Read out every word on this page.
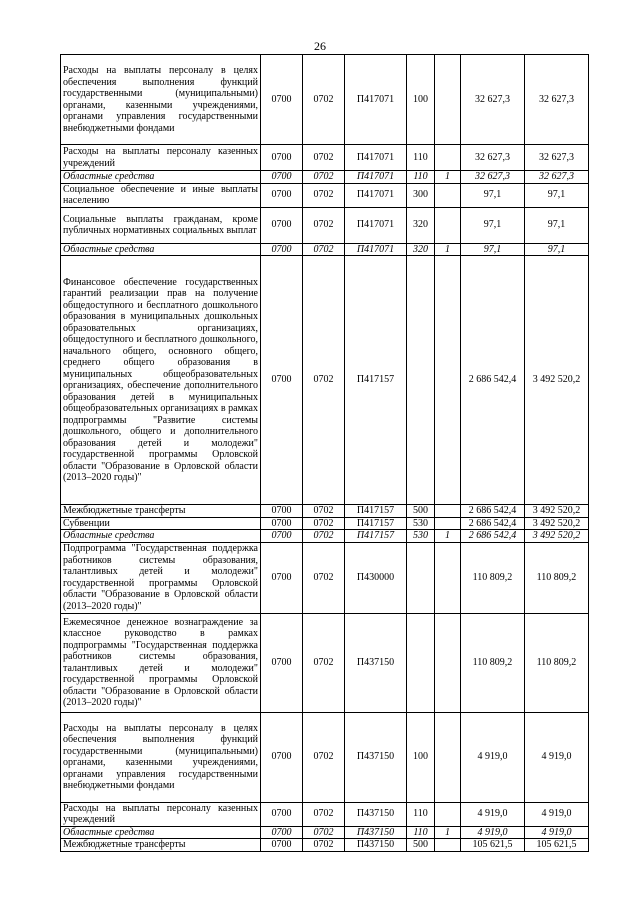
26
Расходы на выплаты персоналу в целях обеспечения выполнения функций государственными (муниципальными) органами, казенными учреждениями, органами управления государственными внебюджетными фондами	0700	0702	П417071	100		32 627,3	32 627,3
Расходы на выплаты персоналу казенных учреждений	0700	0702	П417071	110		32 627,3	32 627,3
Областные средства	0700	0702	П417071	110	1	32 627,3	32 627,3
Социальное обеспечение и иные выплаты населению	0700	0702	П417071	300		97,1	97,1
Социальные выплаты гражданам, кроме публичных нормативных социальных выплат	0700	0702	П417071	320		97,1	97,1
Областные средства	0700	0702	П417071	320	1	97,1	97,1
Финансовое обеспечение государственных гарантий реализации прав на получение общедоступного и бесплатного дошкольного образования в муниципальных дошкольных образовательных организациях, общедоступного и бесплатного дошкольного, начального общего, основного общего, среднего общего образования в муниципальных общеобразовательных организациях, обеспечение дополнительного образования детей в муниципальных общеобразовательных организациях в рамках подпрограммы "Развитие системы дошкольного, общего и дополнительного образования детей и молодежи" государственной программы Орловской области "Образование в Орловской области (2013–2020 годы)"	0700	0702	П417157			2 686 542,4	3 492 520,2
Межбюджетные трансферты	0700	0702	П417157	500		2 686 542,4	3 492 520,2
Субвенции	0700	0702	П417157	530		2 686 542,4	3 492 520,2
Областные средства	0700	0702	П417157	530	1	2 686 542,4	3 492 520,2
Подпрограмма "Государственная поддержка работников системы образования, талантливых детей и молодежи" государственной программы Орловской области "Образование в Орловской области (2013–2020 годы)"	0700	0702	П430000			110 809,2	110 809,2
Ежемесячное денежное вознаграждение за классное руководство в рамках подпрограммы "Государственная поддержка работников системы образования, талантливых детей и молодежи" государственной программы Орловской области "Образование в Орловской области (2013–2020 годы)"	0700	0702	П437150			110 809,2	110 809,2
Расходы на выплаты персоналу в целях обеспечения выполнения функций государственными (муниципальными) органами, казенными учреждениями, органами управления государственными внебюджетными фондами	0700	0702	П437150	100		4 919,0	4 919,0
Расходы на выплаты персоналу казенных учреждений	0700	0702	П437150	110		4 919,0	4 919,0
Областные средства	0700	0702	П437150	110	1	4 919,0	4 919,0
Межбюджетные трансферты	0700	0702	П437150	500		105 621,5	105 621,5
